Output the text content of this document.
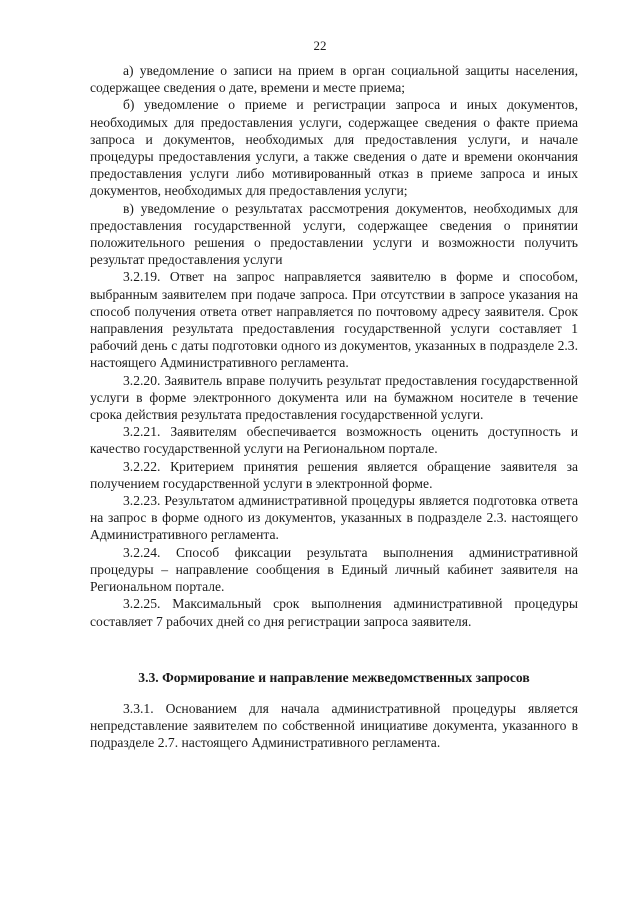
22

а) уведомление о записи на прием в орган социальной защиты населения, содержащее сведения о дате, времени и месте приема;

б) уведомление о приеме и регистрации запроса и иных документов, необходимых для предоставления услуги, содержащее сведения о факте приема запроса и документов, необходимых для предоставления услуги, и начале процедуры предоставления услуги, а также сведения о дате и времени окончания предоставления услуги либо мотивированный отказ в приеме запроса и иных документов, необходимых для предоставления услуги;

в) уведомление о результатах рассмотрения документов, необходимых для предоставления государственной услуги, содержащее сведения о принятии положительного решения о предоставлении услуги и возможности получить результат предоставления услуги

3.2.19. Ответ на запрос направляется заявителю в форме и способом, выбранным заявителем при подаче запроса. При отсутствии в запросе указания на способ получения ответа ответ направляется по почтовому адресу заявителя. Срок направления результата предоставления государственной услуги составляет 1 рабочий день с даты подготовки одного из документов, указанных в подразделе 2.3. настоящего Административного регламента.

3.2.20. Заявитель вправе получить результат предоставления государственной услуги в форме электронного документа или на бумажном носителе в течение срока действия результата предоставления государственной услуги.

3.2.21. Заявителям обеспечивается возможность оценить доступность и качество государственной услуги на Региональном портале.

3.2.22. Критерием принятия решения является обращение заявителя за получением государственной услуги в электронной форме.

3.2.23. Результатом административной процедуры является подготовка ответа на запрос в форме одного из документов, указанных в подразделе 2.3. настоящего Административного регламента.

3.2.24. Способ фиксации результата выполнения административной процедуры – направление сообщения в Единый личный кабинет заявителя на Региональном портале.

3.2.25. Максимальный срок выполнения административной процедуры составляет 7 рабочих дней со дня регистрации запроса заявителя.

3.3. Формирование и направление межведомственных запросов

3.3.1. Основанием для начала административной процедуры является непредставление заявителем по собственной инициативе документа, указанного в подразделе 2.7. настоящего Административного регламента.
